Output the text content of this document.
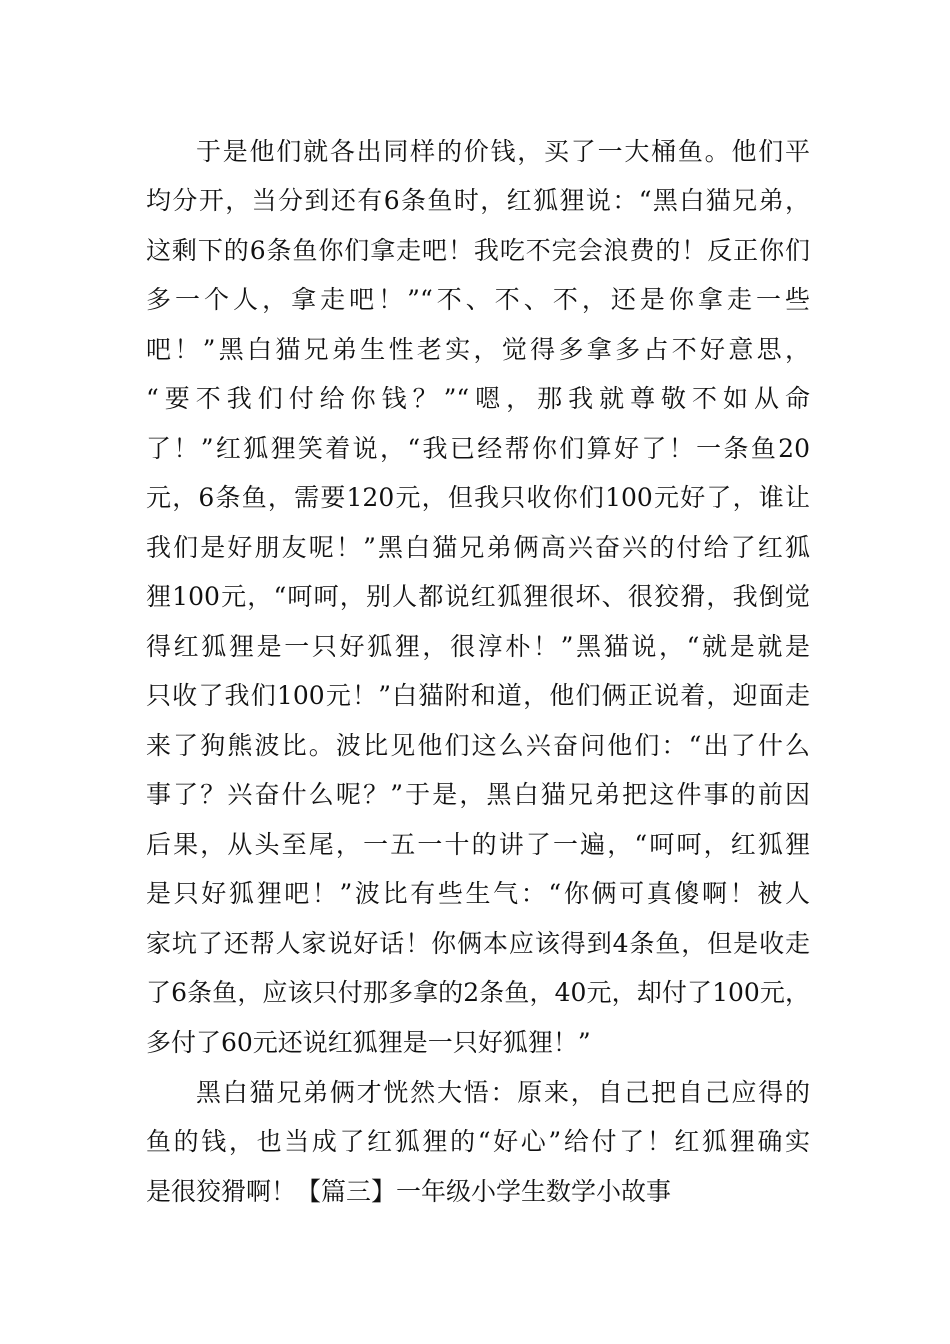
于是他们就各出同样的价钱，买了一大桶鱼。他们平
均分开，当分到还有6条鱼时，红狐狸说：“黑白猫兄弟，
这剩下的6条鱼你们拿走吧！我吃不完会浪费的！反正你们
多一个人，拿走吧！”“不、不、不，还是你拿走一些
吧！”黑白猫兄弟生性老实，觉得多拿多占不好意思，
“要不我们付给你钱？”“嗯，那我就尊敬不如从命
了！”红狐狸笑着说，“我已经帮你们算好了！一条鱼20
元，6条鱼，需要120元，但我只收你们100元好了，谁让
我们是好朋友呢！”黑白猫兄弟俩高兴奋兴的付给了红狐
狸100元，“呵呵，别人都说红狐狸很坏、很狡猾，我倒觉
得红狐狸是一只好狐狸，很淳朴！”黑猫说，“就是就是
只收了我们100元！”白猫附和道，他们俩正说着，迎面走
来了狗熊波比。波比见他们这么兴奋问他们：“出了什么
事了？兴奋什么呢？”于是，黑白猫兄弟把这件事的前因
后果，从头至尾，一五一十的讲了一遍，“呵呵，红狐狸
是只好狐狸吧！”波比有些生气：“你俩可真傻啊！被人
家坑了还帮人家说好话！你俩本应该得到4条鱼，但是收走
了6条鱼，应该只付那多拿的2条鱼，40元，却付了100元，
多付了60元还说红狐狸是一只好狐狸！”
黑白猫兄弟俩才恍然大悟：原来，自己把自己应得的
鱼的钱，也当成了红狐狸的“好心”给付了！红狐狸确实
是很狡猾啊！【篇三】一年级小学生数学小故事
